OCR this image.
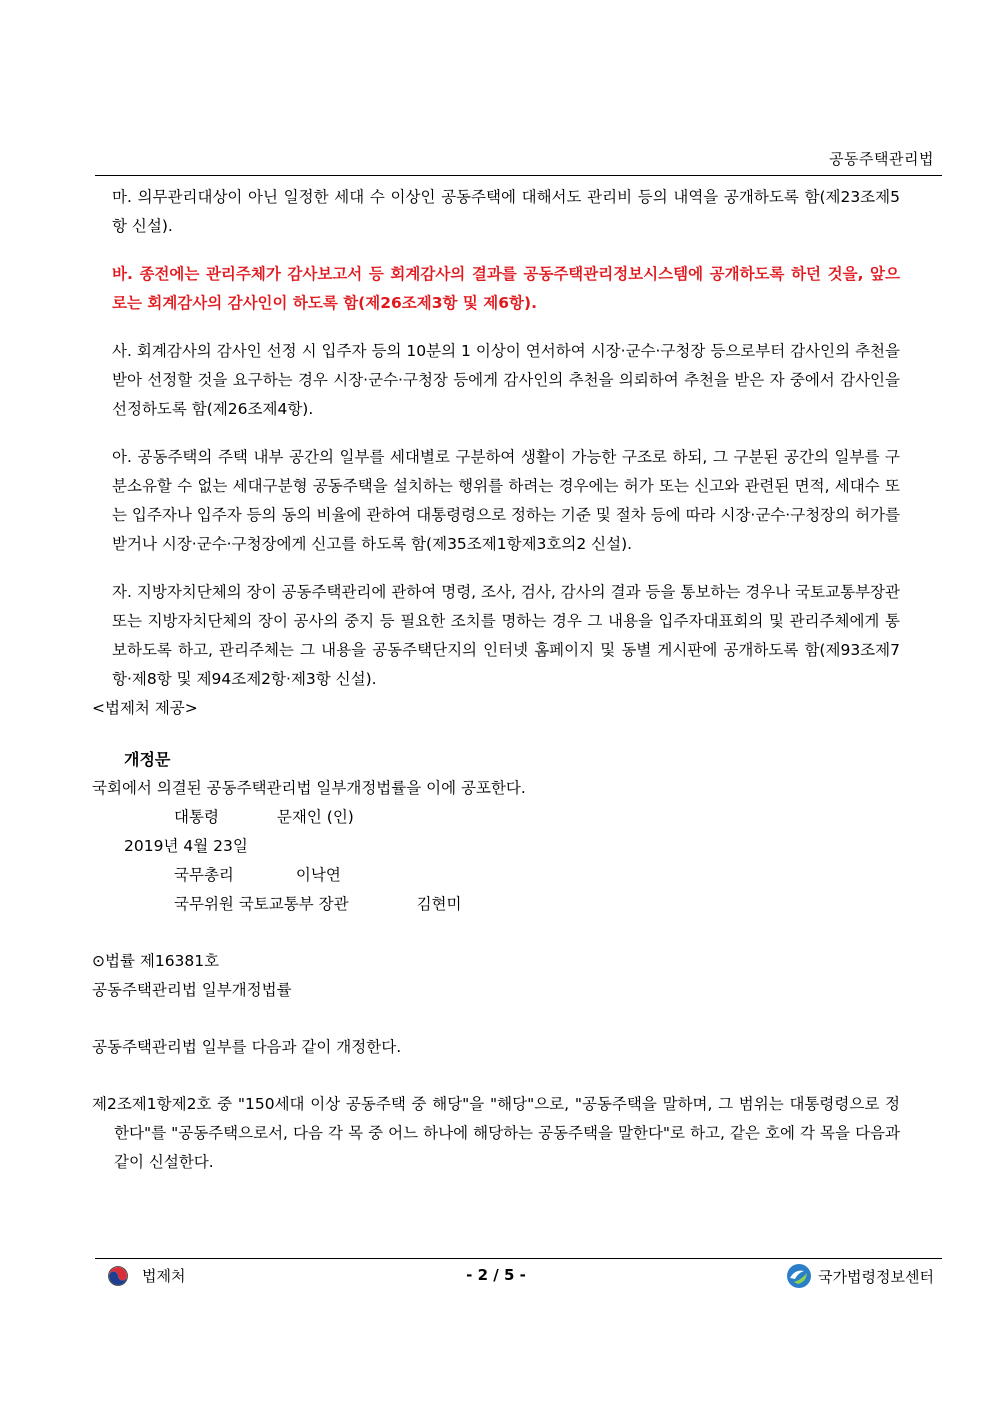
공동주택관리법
마. 의무관리대상이 아닌 일정한 세대 수 이상인 공동주택에 대해서도 관리비 등의 내역을 공개하도록 함(제23조제5항 신설).
바. 종전에는 관리주체가 감사보고서 등 회계감사의 결과를 공동주택관리정보시스템에 공개하도록 하던 것을, 앞으로는 회계감사의 감사인이 하도록 함(제26조제3항 및 제6항).
사. 회계감사의 감사인 선정 시 입주자 등의 10분의 1 이상이 연서하여 시장·군수·구청장 등으로부터 감사인의 추천을 받아 선정할 것을 요구하는 경우 시장·군수·구청장 등에게 감사인의 추천을 의뢰하여 추천을 받은 자 중에서 감사인을 선정하도록 함(제26조제4항).
아. 공동주택의 주택 내부 공간의 일부를 세대별로 구분하여 생활이 가능한 구조로 하되, 그 구분된 공간의 일부를 구분소유할 수 없는 세대구분형 공동주택을 설치하는 행위를 하려는 경우에는 허가 또는 신고와 관련된 면적, 세대수 또는 입주자나 입주자 등의 동의 비율에 관하여 대통령령으로 정하는 기준 및 절차 등에 따라 시장·군수·구청장의 허가를 받거나 시장·군수·구청장에게 신고를 하도록 함(제35조제1항제3호의2 신설).
자. 지방자치단체의 장이 공동주택관리에 관하여 명령, 조사, 검사, 감사의 결과 등을 통보하는 경우나 국토교통부장관 또는 지방자치단체의 장이 공사의 중지 등 필요한 조치를 명하는 경우 그 내용을 입주자대표회의 및 관리주체에게 통보하도록 하고, 관리주체는 그 내용을 공동주택단지의 인터넷 홈페이지 및 동별 게시판에 공개하도록 함(제93조제7항·제8항 및 제94조제2항·제3항 신설).
<법제처 제공>
개정문
국회에서 의결된 공동주택관리법 일부개정법률을 이에 공포한다.
대통령	문재인 (인)
2019년 4월 23일
국무총리	이낙연
국무위원 국토교통부 장관	김현미
⊙법률 제16381호
공동주택관리법 일부개정법률
공동주택관리법 일부를 다음과 같이 개정한다.
제2조제1항제2호 중 "150세대 이상 공동주택 중 해당"을 "해당"으로, "공동주택을 말하며, 그 범위는 대통령령으로 정한다"를 "공동주택으로서, 다음 각 목 중 어느 하나에 해당하는 공동주택을 말한다"로 하고, 같은 호에 각 목을 다음과 같이 신설한다.
법제처	- 2 / 5 -	국가법령정보센터
